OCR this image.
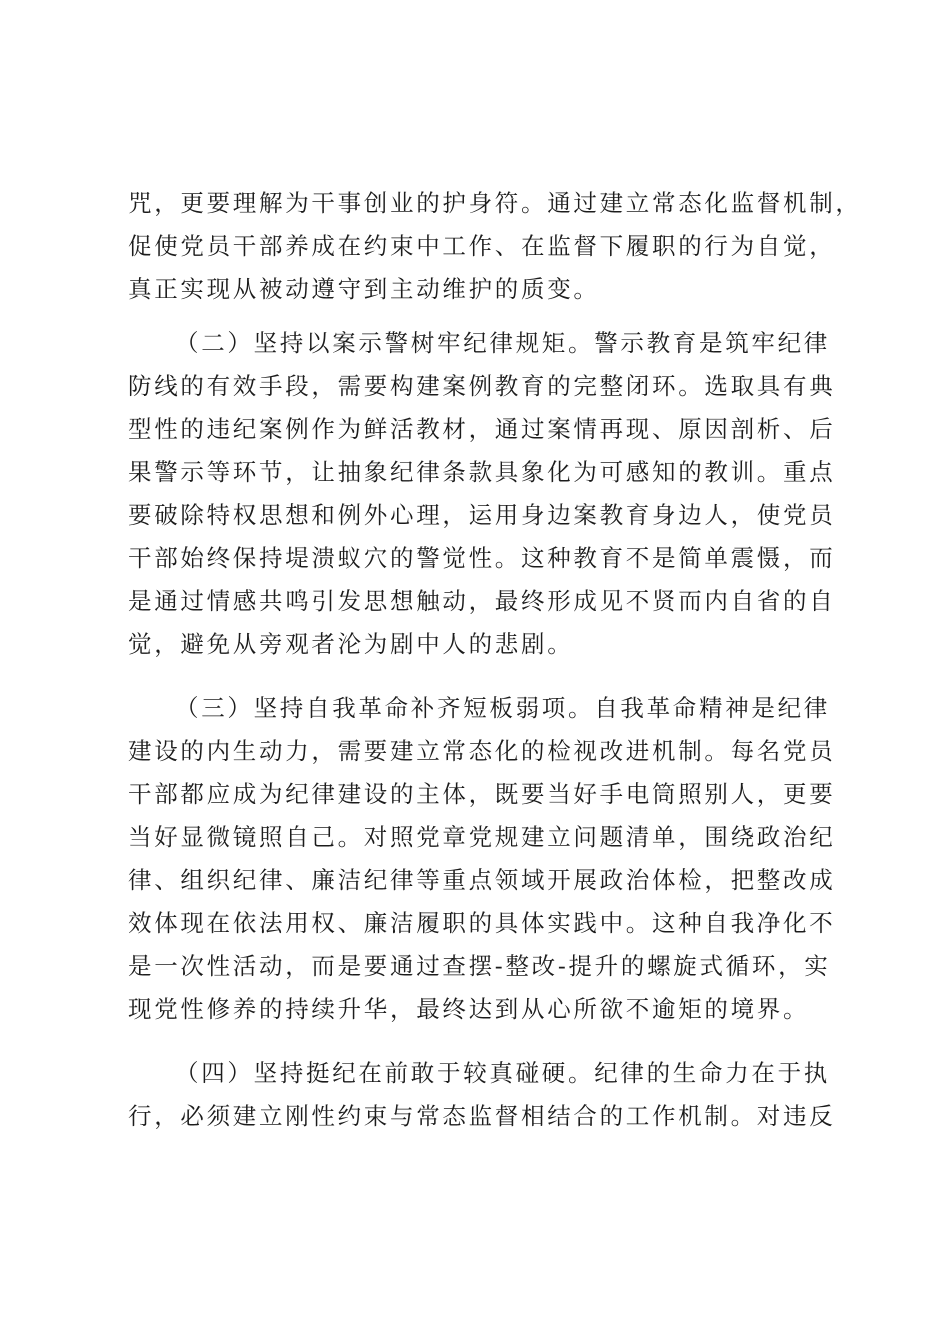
咒，更要理解为干事创业的护身符。通过建立常态化监督机制，
促使党员干部养成在约束中工作、在监督下履职的行为自觉，
真正实现从被动遵守到主动维护的质变。
（二）坚持以案示警树牢纪律规矩。警示教育是筑牢纪律
防线的有效手段，需要构建案例教育的完整闭环。选取具有典
型性的违纪案例作为鲜活教材，通过案情再现、原因剖析、后
果警示等环节，让抽象纪律条款具象化为可感知的教训。重点
要破除特权思想和例外心理，运用身边案教育身边人，使党员
干部始终保持堤溃蚁穴的警觉性。这种教育不是简单震慑，而
是通过情感共鸣引发思想触动，最终形成见不贤而内自省的自
觉，避免从旁观者沦为剧中人的悲剧。
（三）坚持自我革命补齐短板弱项。自我革命精神是纪律
建设的内生动力，需要建立常态化的检视改进机制。每名党员
干部都应成为纪律建设的主体，既要当好手电筒照别人，更要
当好显微镜照自己。对照党章党规建立问题清单，围绕政治纪
律、组织纪律、廉洁纪律等重点领域开展政治体检，把整改成
效体现在依法用权、廉洁履职的具体实践中。这种自我净化不
是一次性活动，而是要通过查摆-整改-提升的螺旋式循环，实
现党性修养的持续升华，最终达到从心所欲不逾矩的境界。
（四）坚持挺纪在前敢于较真碰硬。纪律的生命力在于执
行，必须建立刚性约束与常态监督相结合的工作机制。对违反
